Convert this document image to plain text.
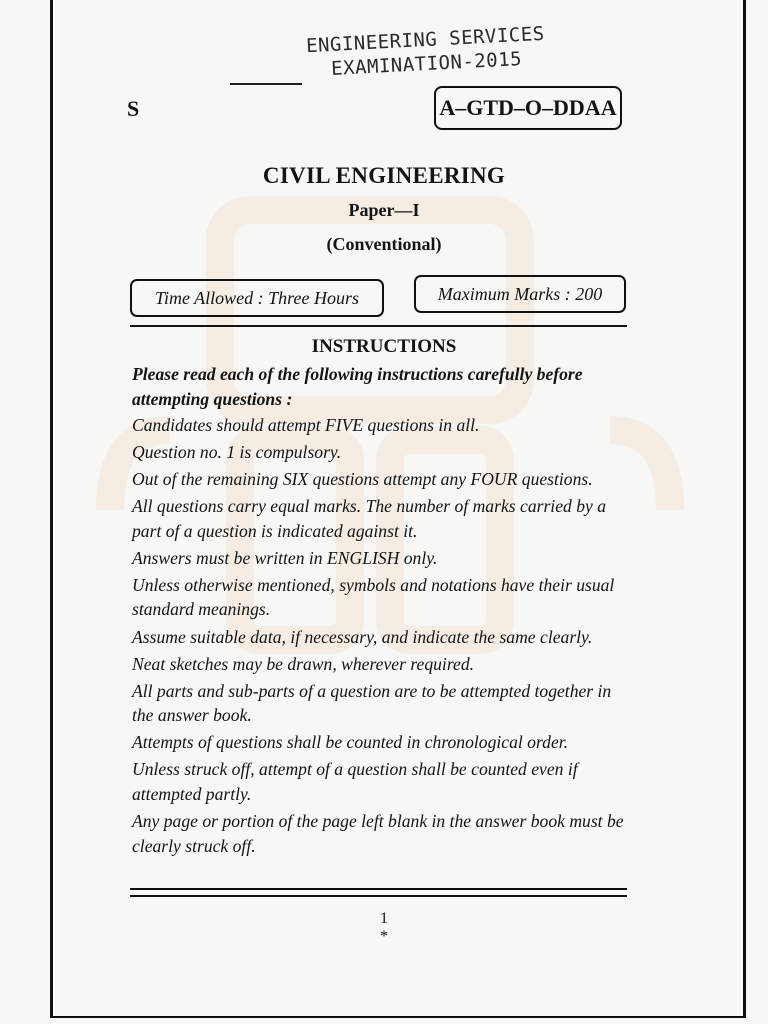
ENGINEERING SERVICES
EXAMINATION-2015
S	A–GTD–O–DDAA
CIVIL ENGINEERING
Paper—I
(Conventional)
Time Allowed : Three Hours	Maximum Marks : 200
INSTRUCTIONS

Please read each of the following instructions carefully before attempting questions :

Candidates should attempt FIVE questions in all.

Question no. 1 is compulsory.

Out of the remaining SIX questions attempt any FOUR questions.

All questions carry equal marks. The number of marks carried by a part of a question is indicated against it.

Answers must be written in ENGLISH only.

Unless otherwise mentioned, symbols and notations have their usual standard meanings.

Assume suitable data, if necessary, and indicate the same clearly.

Neat sketches may be drawn, wherever required.

All parts and sub-parts of a question are to be attempted together in the answer book.

Attempts of questions shall be counted in chronological order.

Unless struck off, attempt of a question shall be counted even if attempted partly.

Any page or portion of the page left blank in the answer book must be clearly struck off.

1
*
